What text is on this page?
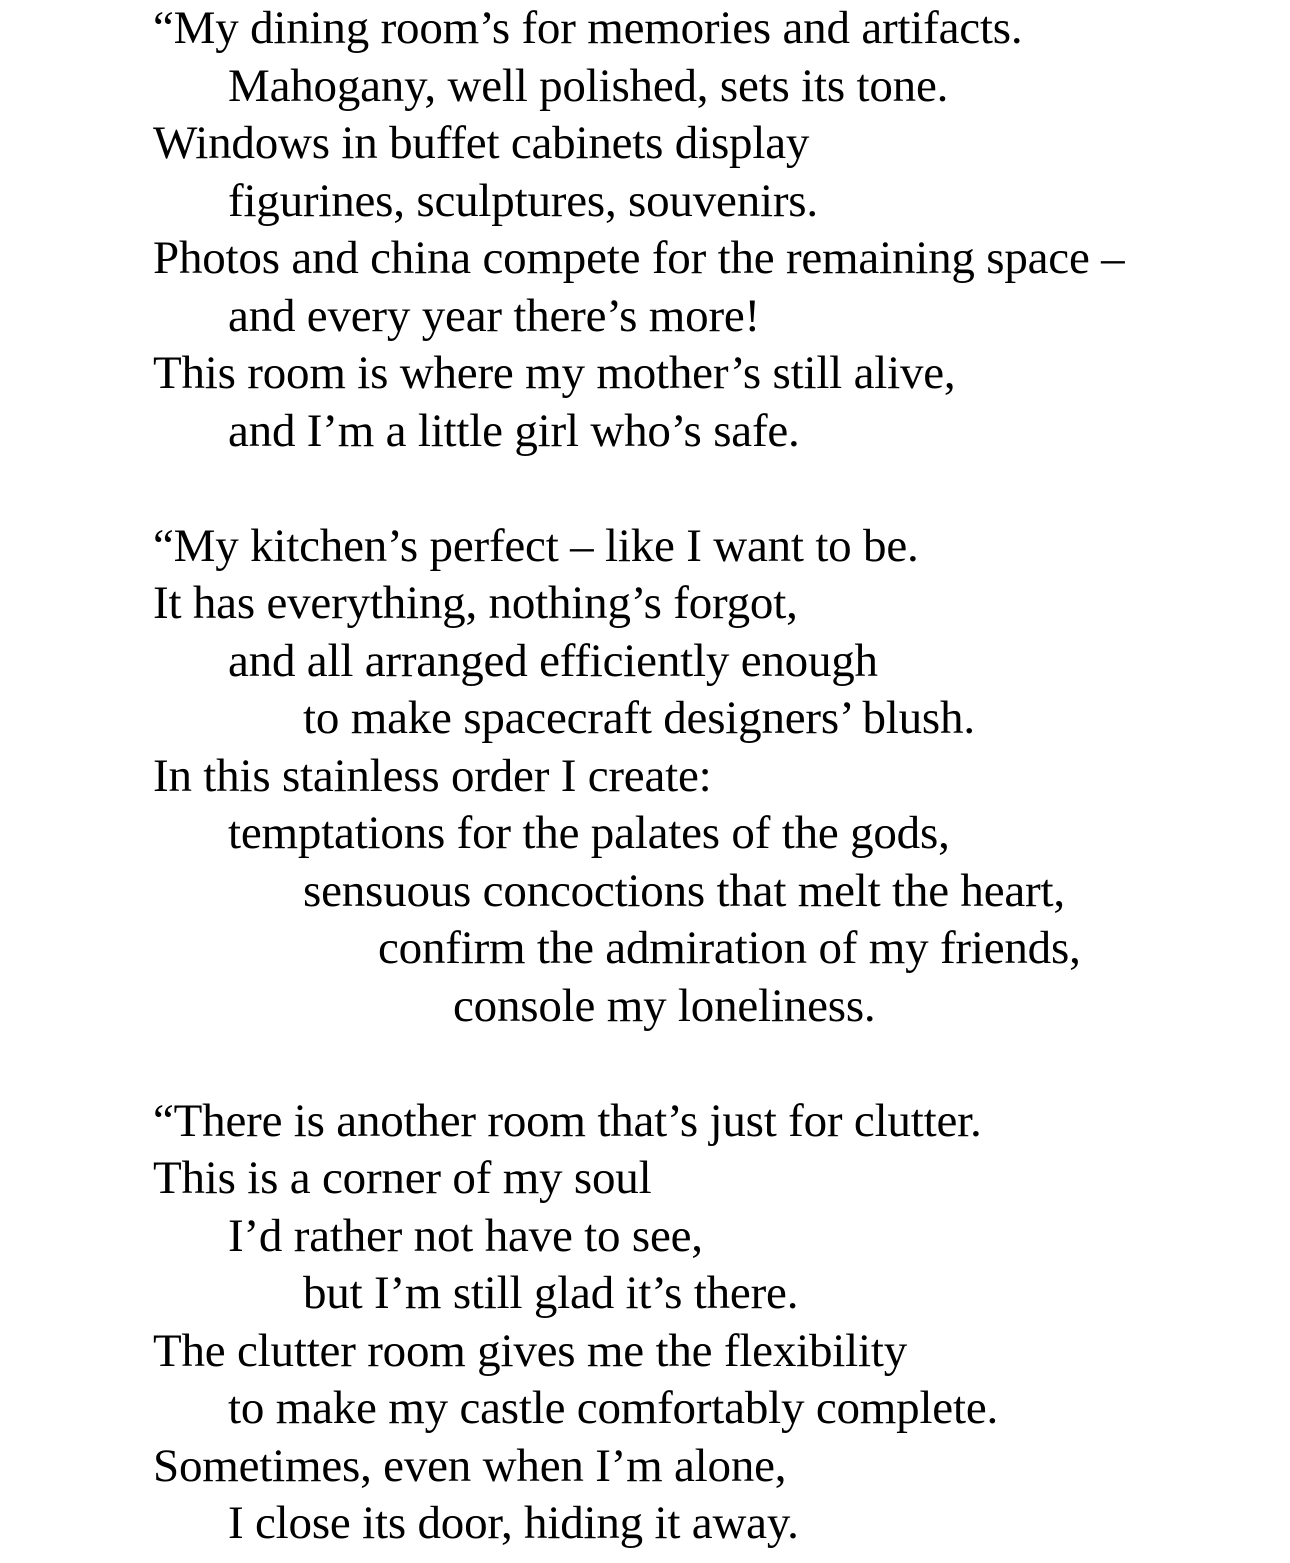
“My dining room’s for memories and artifacts.
Mahogany, well polished, sets its tone.
Windows in buffet cabinets display
figurines, sculptures, souvenirs.
Photos and china compete for the remaining space –
and every year there’s more!
This room is where my mother’s still alive,
and I’m a little girl who’s safe.
“My kitchen’s perfect – like I want to be.
It has everything, nothing’s forgot,
and all arranged efficiently enough
to make spacecraft designers’ blush.
In this stainless order I create:
temptations for the palates of the gods,
sensuous concoctions that melt the heart,
confirm the admiration of my friends,
console my loneliness.
“There is another room that’s just for clutter.
This is a corner of my soul
I’d rather not have to see,
but I’m still glad it’s there.
The clutter room gives me the flexibility
to make my castle comfortably complete.
Sometimes, even when I’m alone,
I close its door, hiding it away.
